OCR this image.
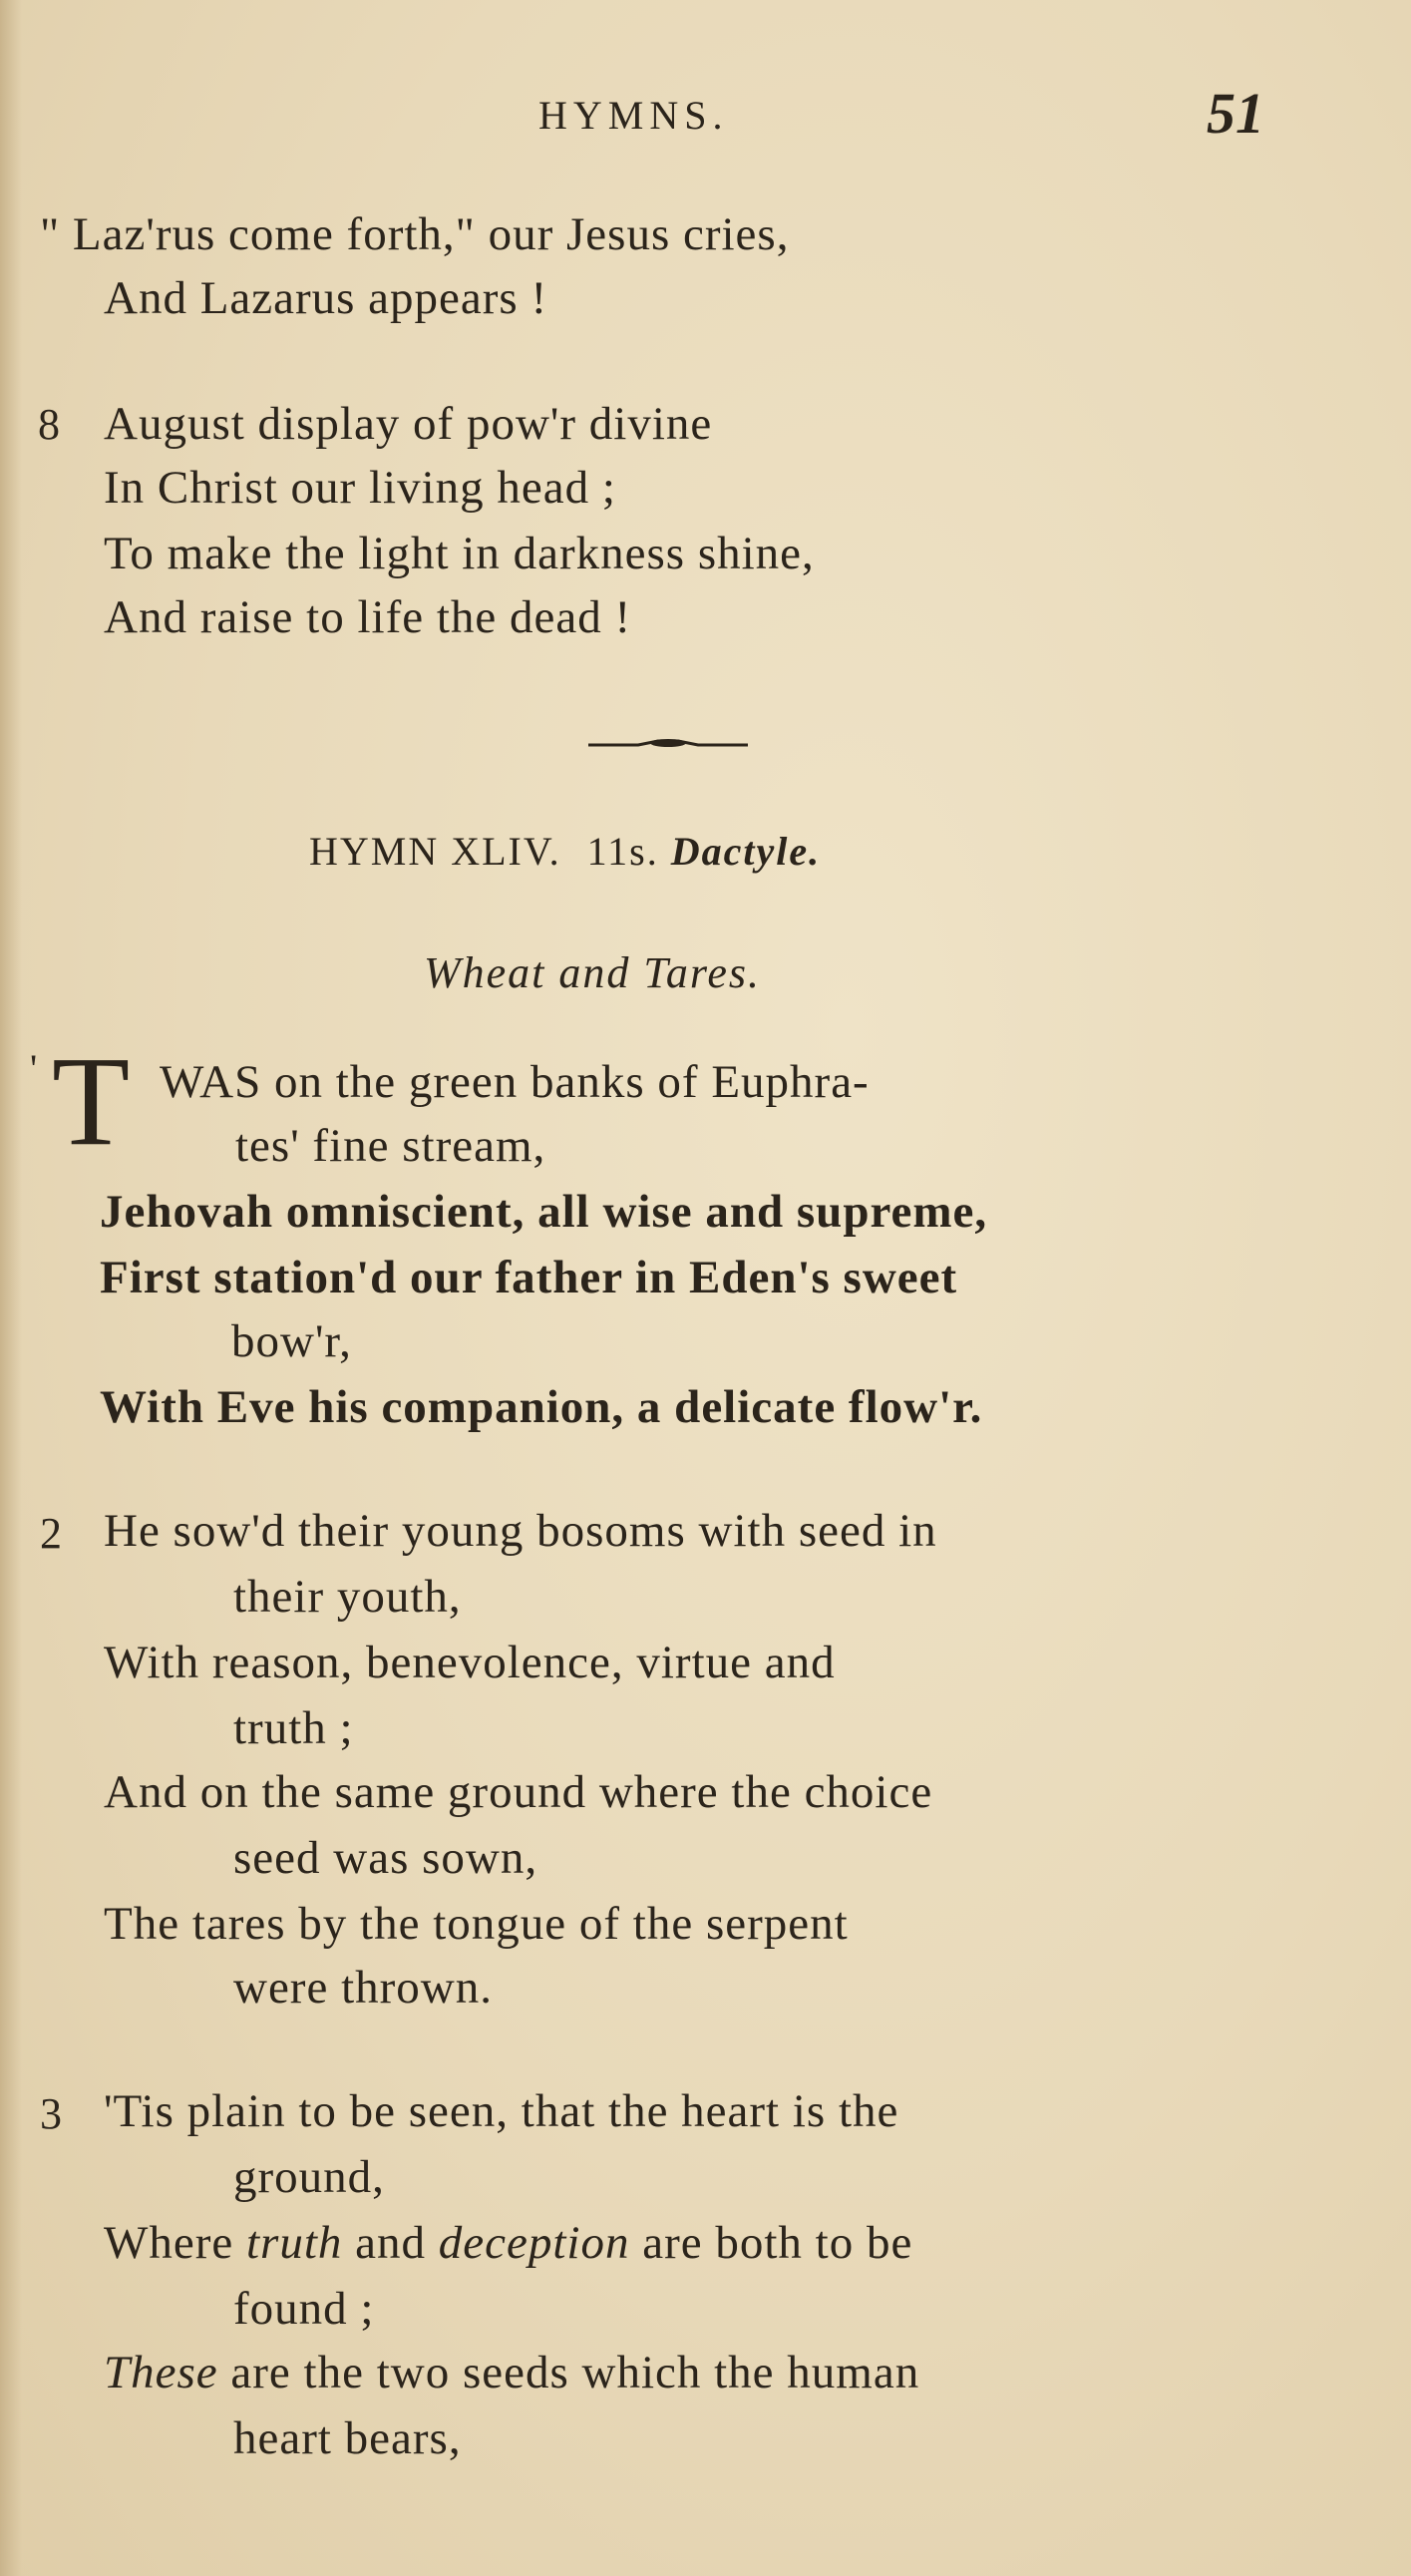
HYMNS.	51
" Laz'rus come forth," our Jesus cries,
And Lazarus appears !
8 August display of pow'r divine
In Christ our living head ;
To make the light in darkness shine,
And raise to life the dead !
HYMN XLIV. 11s. Dactyle.
Wheat and Tares.
' T WAS on the green banks of Euphra-
tes' fine stream,
Jehovah omniscient, all wise and supreme,
First station'd our father in Eden's sweet
bow'r,
With Eve his companion, a delicate flow'r.
2 He sow'd their young bosoms with seed in
their youth,
With reason, benevolence, virtue and
truth ;
And on the same ground where the choice
seed was sown,
The tares by the tongue of the serpent
were thrown.
3 'Tis plain to be seen, that the heart is the
ground,
Where truth and deception are both to be
found ;
These are the two seeds which the human
heart bears,
